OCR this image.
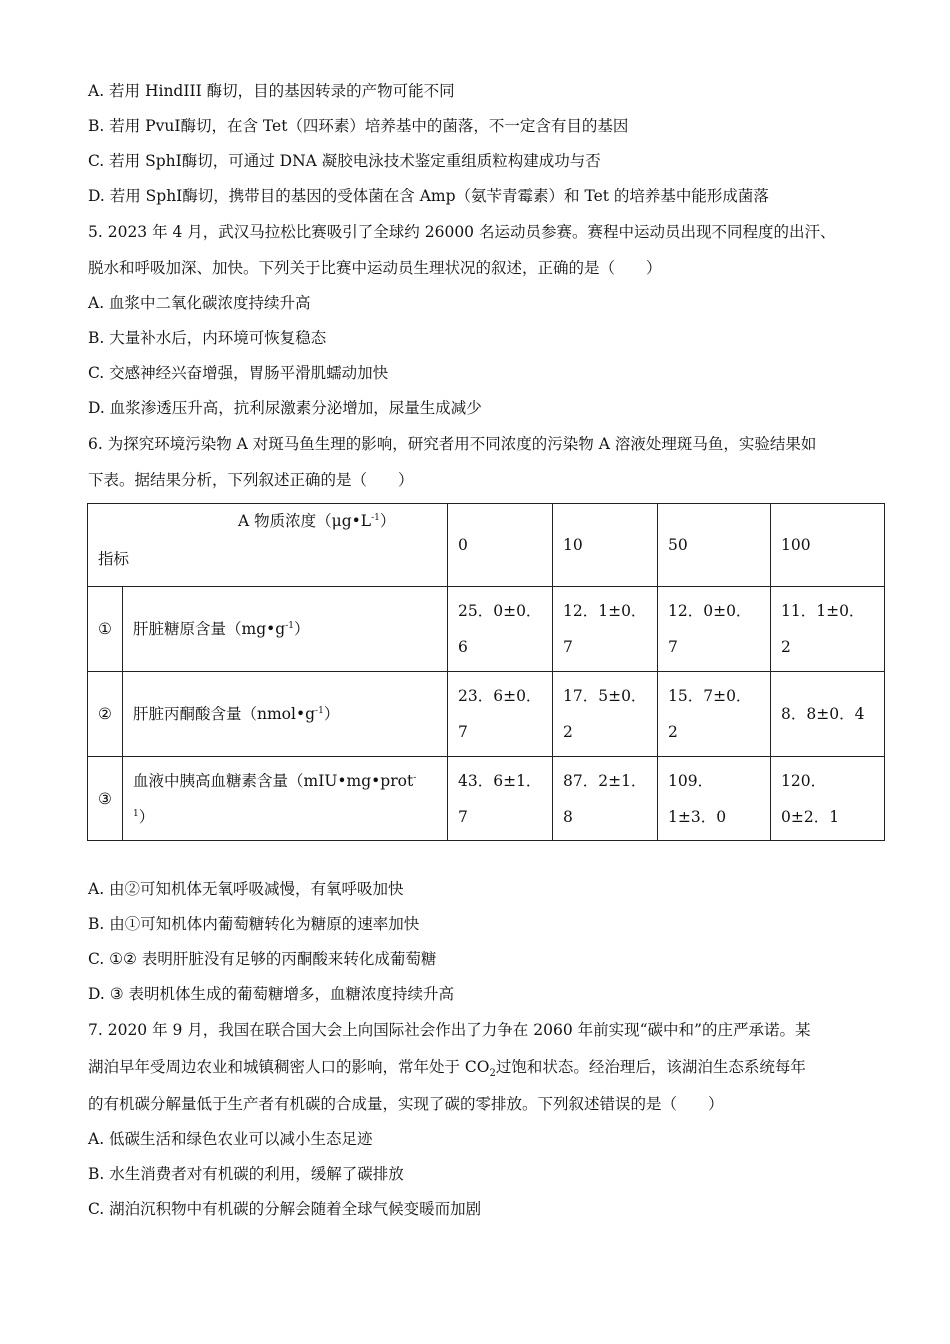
A. 若用 HindIII 酶切，目的基因转录的产物可能不同
B. 若用 PvuⅠ酶切，在含 Tet（四环素）培养基中的菌落，不一定含有目的基因
C. 若用 SphⅠ酶切，可通过 DNA 凝胶电泳技术鉴定重组质粒构建成功与否
D. 若用 SphⅠ酶切，携带目的基因的受体菌在含 Amp（氨苄青霉素）和 Tet 的培养基中能形成菌落
5. 2023 年 4 月，武汉马拉松比赛吸引了全球约 26000 名运动员参赛。赛程中运动员出现不同程度的出汗、
脱水和呼吸加深、加快。下列关于比赛中运动员生理状况的叙述，正确的是（　　）
A. 血浆中二氧化碳浓度持续升高
B. 大量补水后，内环境可恢复稳态
C. 交感神经兴奋增强，胃肠平滑肌蠕动加快
D. 血浆渗透压升高，抗利尿激素分泌增加，尿量生成减少
6. 为探究环境污染物 A 对斑马鱼生理的影响，研究者用不同浓度的污染物 A 溶液处理斑马鱼，实验结果如
下表。据结果分析，下列叙述正确的是（　　）
A 物质浓度$(\mu g•L^{-1})$
指标		0	10	50	100
①	肝脏糖原含量$(mg•g^{-1})$	25．0±0．6	12．1±0．7	12．0±0．7	11．1±0．2
②	肝脏丙酮酸含量$(nmol•g^{-1})$	23．6±0．7	17．5±0．2	15．7±0．2	8．8±0．4
③	血液中胰高血糖素含量（mIU•mg•prot$^{-1}$）	43．6±1．7	87．2±1．8	109．1±3．0	120．0±2．1
A. 由②可知机体无氧呼吸减慢，有氧呼吸加快
B. 由①可知机体内葡萄糖转化为糖原的速率加快
C. ①② 表明肝脏没有足够的丙酮酸来转化成葡萄糖
D. ③ 表明机体生成的葡萄糖增多，血糖浓度持续升高
7. 2020 年 9 月，我国在联合国大会上向国际社会作出了力争在 2060 年前实现“碳中和”的庄严承诺。某
湖泊早年受周边农业和城镇稠密人口的影响，常年处于 $CO_2$过饱和状态。经治理后，该湖泊生态系统每年
的有机碳分解量低于生产者有机碳的合成量，实现了碳的零排放。下列叙述错误的是（　　）
A. 低碳生活和绿色农业可以减小生态足迹
B. 水生消费者对有机碳的利用，缓解了碳排放
C. 湖泊沉积物中有机碳的分解会随着全球气候变暖而加剧
